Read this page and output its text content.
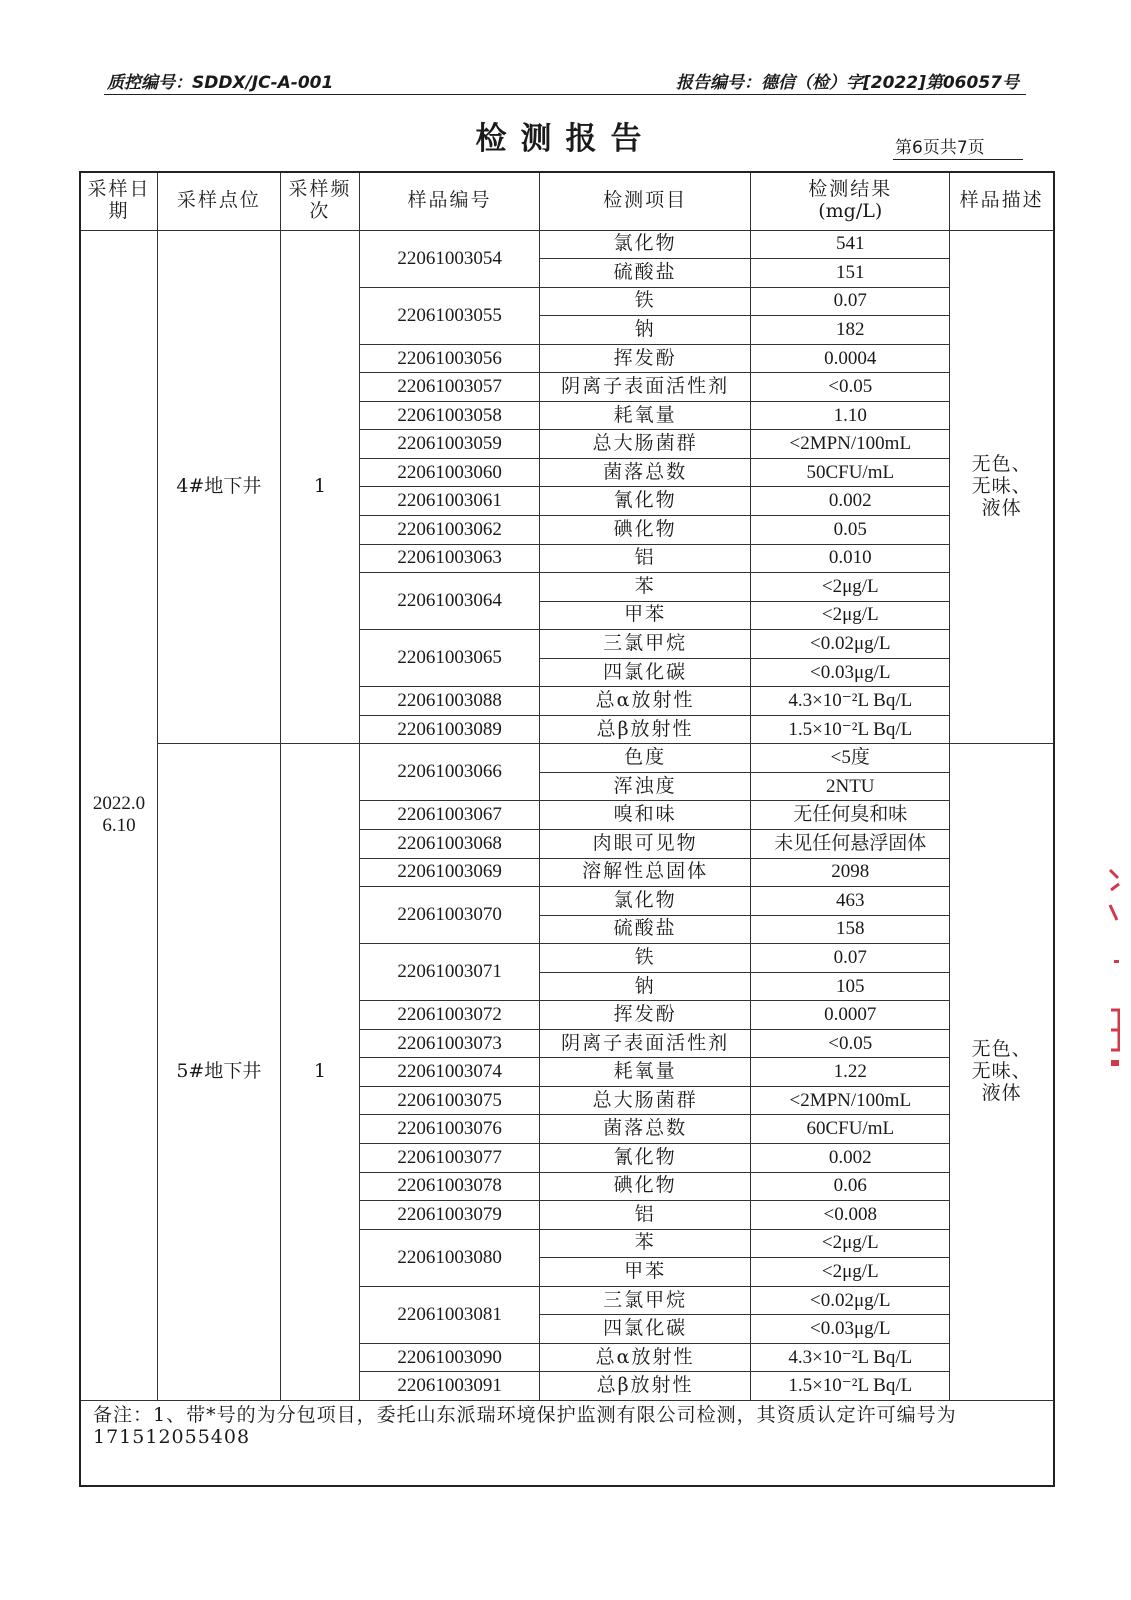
质控编号：SDDX/JC-A-001	报告编号：德信（检）字[2022]第06057号
检测报告	第6页共7页
采样日期	采样点位	采样频次	样品编号	检测项目	检测结果
(mg/L)	样品描述
2022.06.10	4#地下井	1	22061003054	氯化物	541	无色、无味、液体
				硫酸盐	151	
			22061003055	铁	0.07	
				钠	182	
			22061003056	挥发酚	0.0004	
			22061003057	阴离子表面活性剂	<0.05	
			22061003058	耗氧量	1.10	
			22061003059	总大肠菌群	<2MPN/100mL	
			22061003060	菌落总数	50CFU/mL	
			22061003061	氰化物	0.002	
			22061003062	碘化物	0.05	
			22061003063	铝	0.010	
			22061003064	苯	<2μg/L	
				甲苯	<2μg/L	
			22061003065	三氯甲烷	<0.02μg/L	
				四氯化碳	<0.03μg/L	
			22061003088	总α放射性	4.3×10⁻²L Bq/L	
			22061003089	总β放射性	1.5×10⁻²L Bq/L	
	5#地下井	1	22061003066	色度	<5度	无色、无味、液体
				浑浊度	2NTU	
			22061003067	嗅和味	无任何臭和味	
			22061003068	肉眼可见物	未见任何悬浮固体	
			22061003069	溶解性总固体	2098	
			22061003070	氯化物	463	
				硫酸盐	158	
			22061003071	铁	0.07	
				钠	105	
			22061003072	挥发酚	0.0007	
			22061003073	阴离子表面活性剂	<0.05	
			22061003074	耗氧量	1.22	
			22061003075	总大肠菌群	<2MPN/100mL	
			22061003076	菌落总数	60CFU/mL	
			22061003077	氰化物	0.002	
			22061003078	碘化物	0.06	
			22061003079	铝	<0.008	
			22061003080	苯	<2μg/L	
				甲苯	<2μg/L	
			22061003081	三氯甲烷	<0.02μg/L	
				四氯化碳	<0.03μg/L	
			22061003090	总α放射性	4.3×10⁻²L Bq/L	
			22061003091	总β放射性	1.5×10⁻²L Bq/L	
备注：1、带*号的为分包项目，委托山东派瑞环境保护监测有限公司检测，其资质认定许可编号为171512055408						
